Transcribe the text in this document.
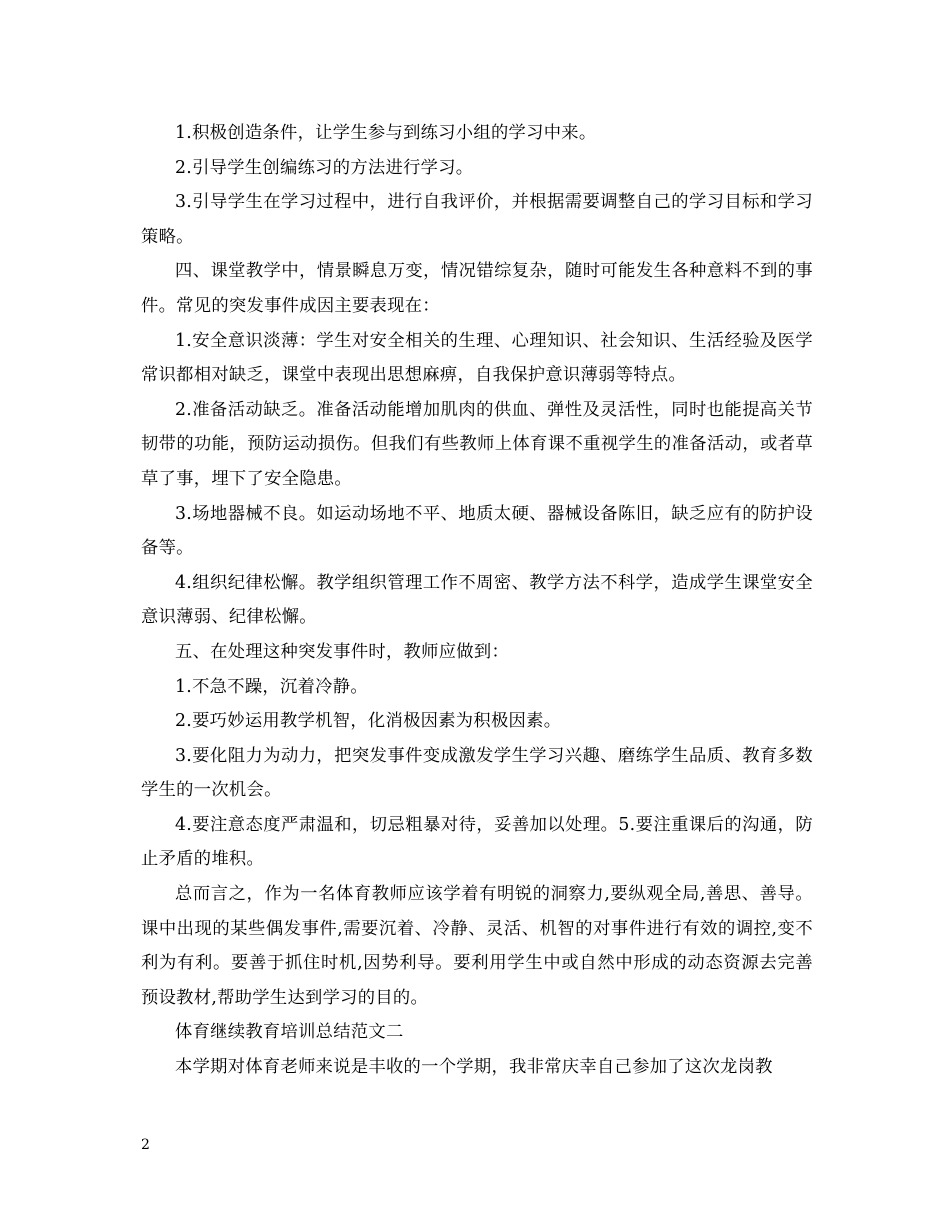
1.积极创造条件，让学生参与到练习小组的学习中来。

2.引导学生创编练习的方法进行学习。

3.引导学生在学习过程中，进行自我评价，并根据需要调整自己的学习目标和学习策略。

四、课堂教学中，情景瞬息万变，情况错综复杂，随时可能发生各种意料不到的事件。常见的突发事件成因主要表现在：

1.安全意识淡薄：学生对安全相关的生理、心理知识、社会知识、生活经验及医学常识都相对缺乏，课堂中表现出思想麻痹，自我保护意识薄弱等特点。

2.准备活动缺乏。准备活动能增加肌肉的供血、弹性及灵活性，同时也能提高关节韧带的功能，预防运动损伤。但我们有些教师上体育课不重视学生的准备活动，或者草草了事，埋下了安全隐患。

3.场地器械不良。如运动场地不平、地质太硬、器械设备陈旧，缺乏应有的防护设备等。

4.组织纪律松懈。教学组织管理工作不周密、教学方法不科学，造成学生课堂安全意识薄弱、纪律松懈。

五、在处理这种突发事件时，教师应做到：

1.不急不躁，沉着冷静。

2.要巧妙运用教学机智，化消极因素为积极因素。

3.要化阻力为动力，把突发事件变成激发学生学习兴趣、磨练学生品质、教育多数学生的一次机会。

4.要注意态度严肃温和，切忌粗暴对待，妥善加以处理。5.要注重课后的沟通，防止矛盾的堆积。

总而言之，作为一名体育教师应该学着有明锐的洞察力,要纵观全局,善思、善导。课中出现的某些偶发事件,需要沉着、冷静、灵活、机智的对事件进行有效的调控,变不利为有利。要善于抓住时机,因势利导。要利用学生中或自然中形成的动态资源去完善预设教材,帮助学生达到学习的目的。

体育继续教育培训总结范文二

本学期对体育老师来说是丰收的一个学期，我非常庆幸自己参加了这次龙岗教

2
